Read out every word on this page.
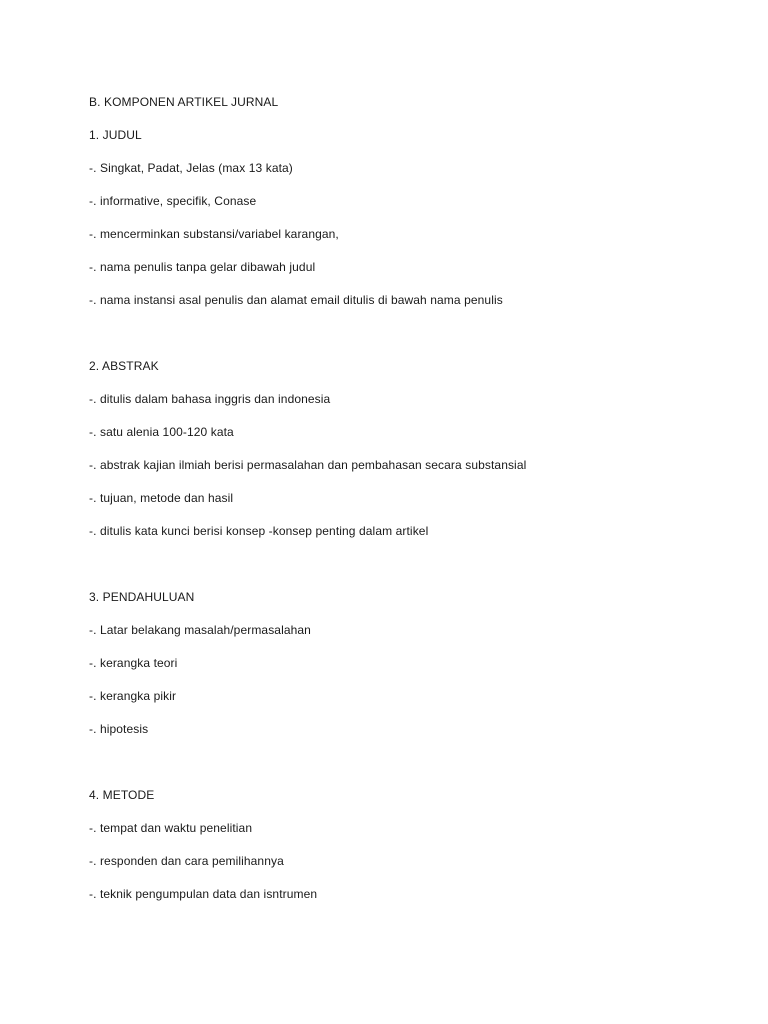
B. KOMPONEN ARTIKEL JURNAL
1. JUDUL
-. Singkat, Padat, Jelas (max 13 kata)
-. informative, specifik, Conase
-. mencerminkan substansi/variabel karangan,
-. nama penulis tanpa gelar dibawah judul
-. nama instansi asal penulis dan alamat email ditulis di bawah nama penulis
2. ABSTRAK
-. ditulis dalam bahasa inggris dan indonesia
-. satu alenia 100-120 kata
-. abstrak kajian ilmiah berisi permasalahan dan pembahasan secara substansial
-. tujuan, metode dan hasil
-. ditulis kata kunci berisi konsep -konsep penting dalam artikel
3. PENDAHULUAN
-. Latar belakang masalah/permasalahan
-. kerangka teori
-. kerangka pikir
-. hipotesis
4. METODE
-. tempat dan waktu penelitian
-. responden dan cara pemilihannya
-. teknik pengumpulan data dan isntrumen
